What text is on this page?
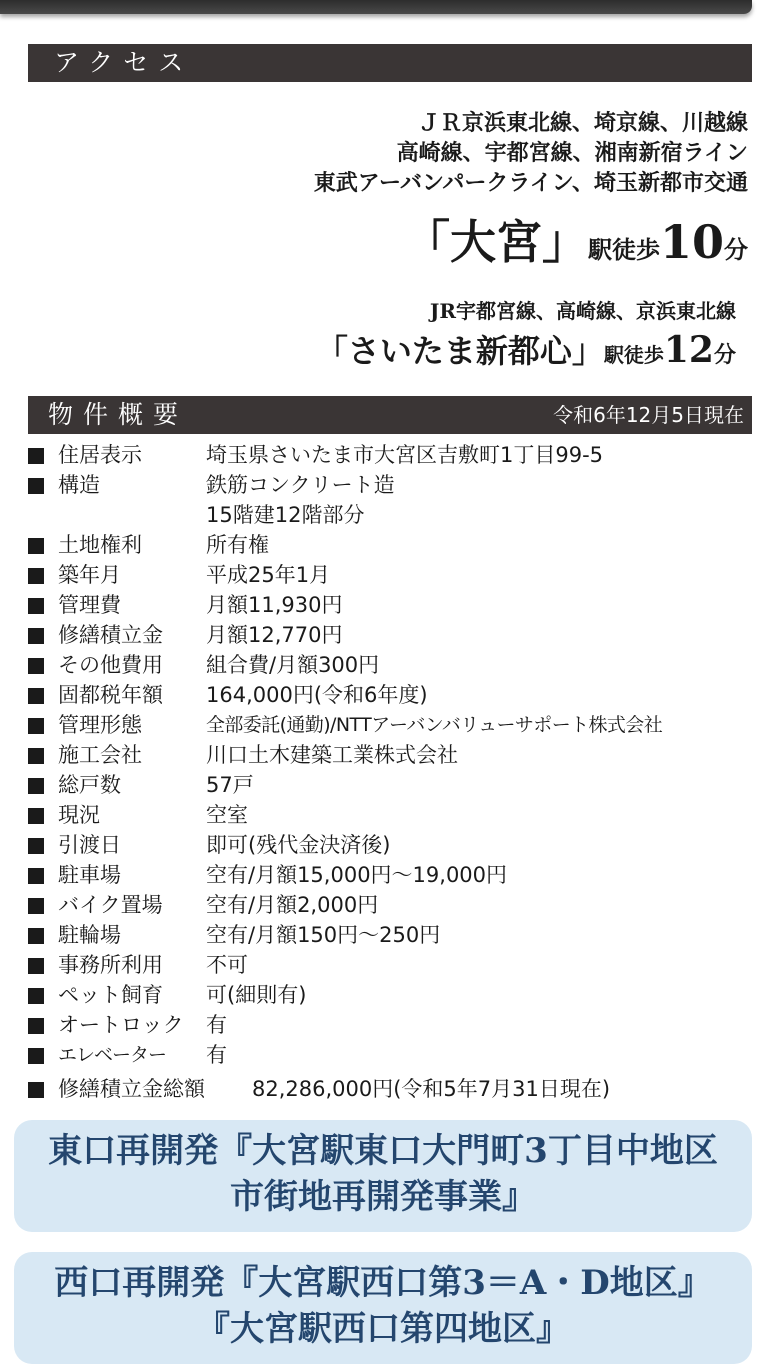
アクセス
ＪＲ京浜東北線、埼京線、川越線
高崎線、宇都宮線、湘南新宿ライン
東武アーバンパークライン、埼玉新都市交通
「大宮」駅徒歩10分
JR宇都宮線、高崎線、京浜東北線
「さいたま新都心」駅徒歩12分
物件概要	令和6年12月5日現在
住居表示	埼玉県さいたま市大宮区吉敷町1丁目99-5
構造	鉄筋コンクリート造
15階建12階部分
土地権利	所有権
築年月	平成25年1月
管理費	月額11,930円
修繕積立金 月額12,770円
その他費用 組合費/月額300円
固都税年額 164,000円(令和6年度)
管理形態	全部委託(通勤)/NTTアーバンバリューサポート株式会社
施工会社	川口土木建築工業株式会社
総戸数	57戸
現況	空室
引渡日	即可(残代金決済後)
駐車場	空有/月額15,000円～19,000円
バイク置場 空有/月額2,000円
駐輪場	空有/月額150円～250円
事務所利用 不可
ペット飼育 可(細則有)
オートロック 有
エレベーター 有
修繕積立金総額 82,286,000円(令和5年7月31日現在)
東口再開発『大宮駅東口大門町3丁目中地区
市街地再開発事業』
西口再開発『大宮駅西口第3＝A・D地区』
『大宮駅西口第四地区』
